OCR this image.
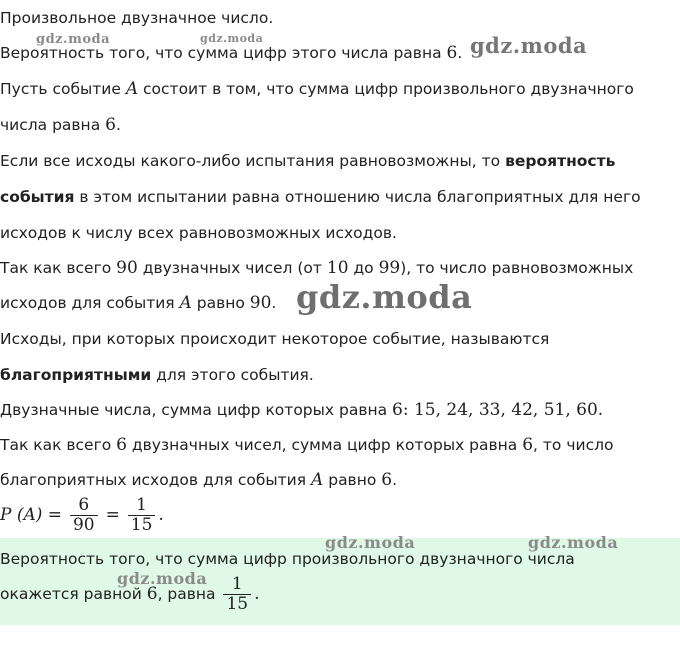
Произвольное двузначное число.

Вероятность того, что сумма цифр этого числа равна 6.

Пусть событие A состоит в том, что сумма цифр произвольного двузначного

числа равна 6.

Если все исходы какого-либо испытания равновозможны, то вероятность

события в этом испытании равна отношению числа благоприятных для него

исходов к числу всех равновозможных исходов.

Так как всего 90 двузначных чисел (от 10 до 99), то число равновозможных

исходов для события A равно 90.

Исходы, при которых происходит некоторое событие, называются

благоприятными для этого события.

Двузначные числа, сумма цифр которых равна 6: 15, 24, 33, 42, 51, 60.

Так как всего 6 двузначных чисел, сумма цифр которых равна 6, то число

благоприятных исходов для события A равно 6.

P $(A) = \frac{6}{90} = \frac{1}{15}$ .

Вероятность того, что сумма цифр произвольного двузначного числа

окажется равной 6, равна $\frac{1}{15}$ .
gdz.moda	gdz.moda	gdz.moda
gdz.moda
gdz.moda	gdz.moda
gdz.moda
